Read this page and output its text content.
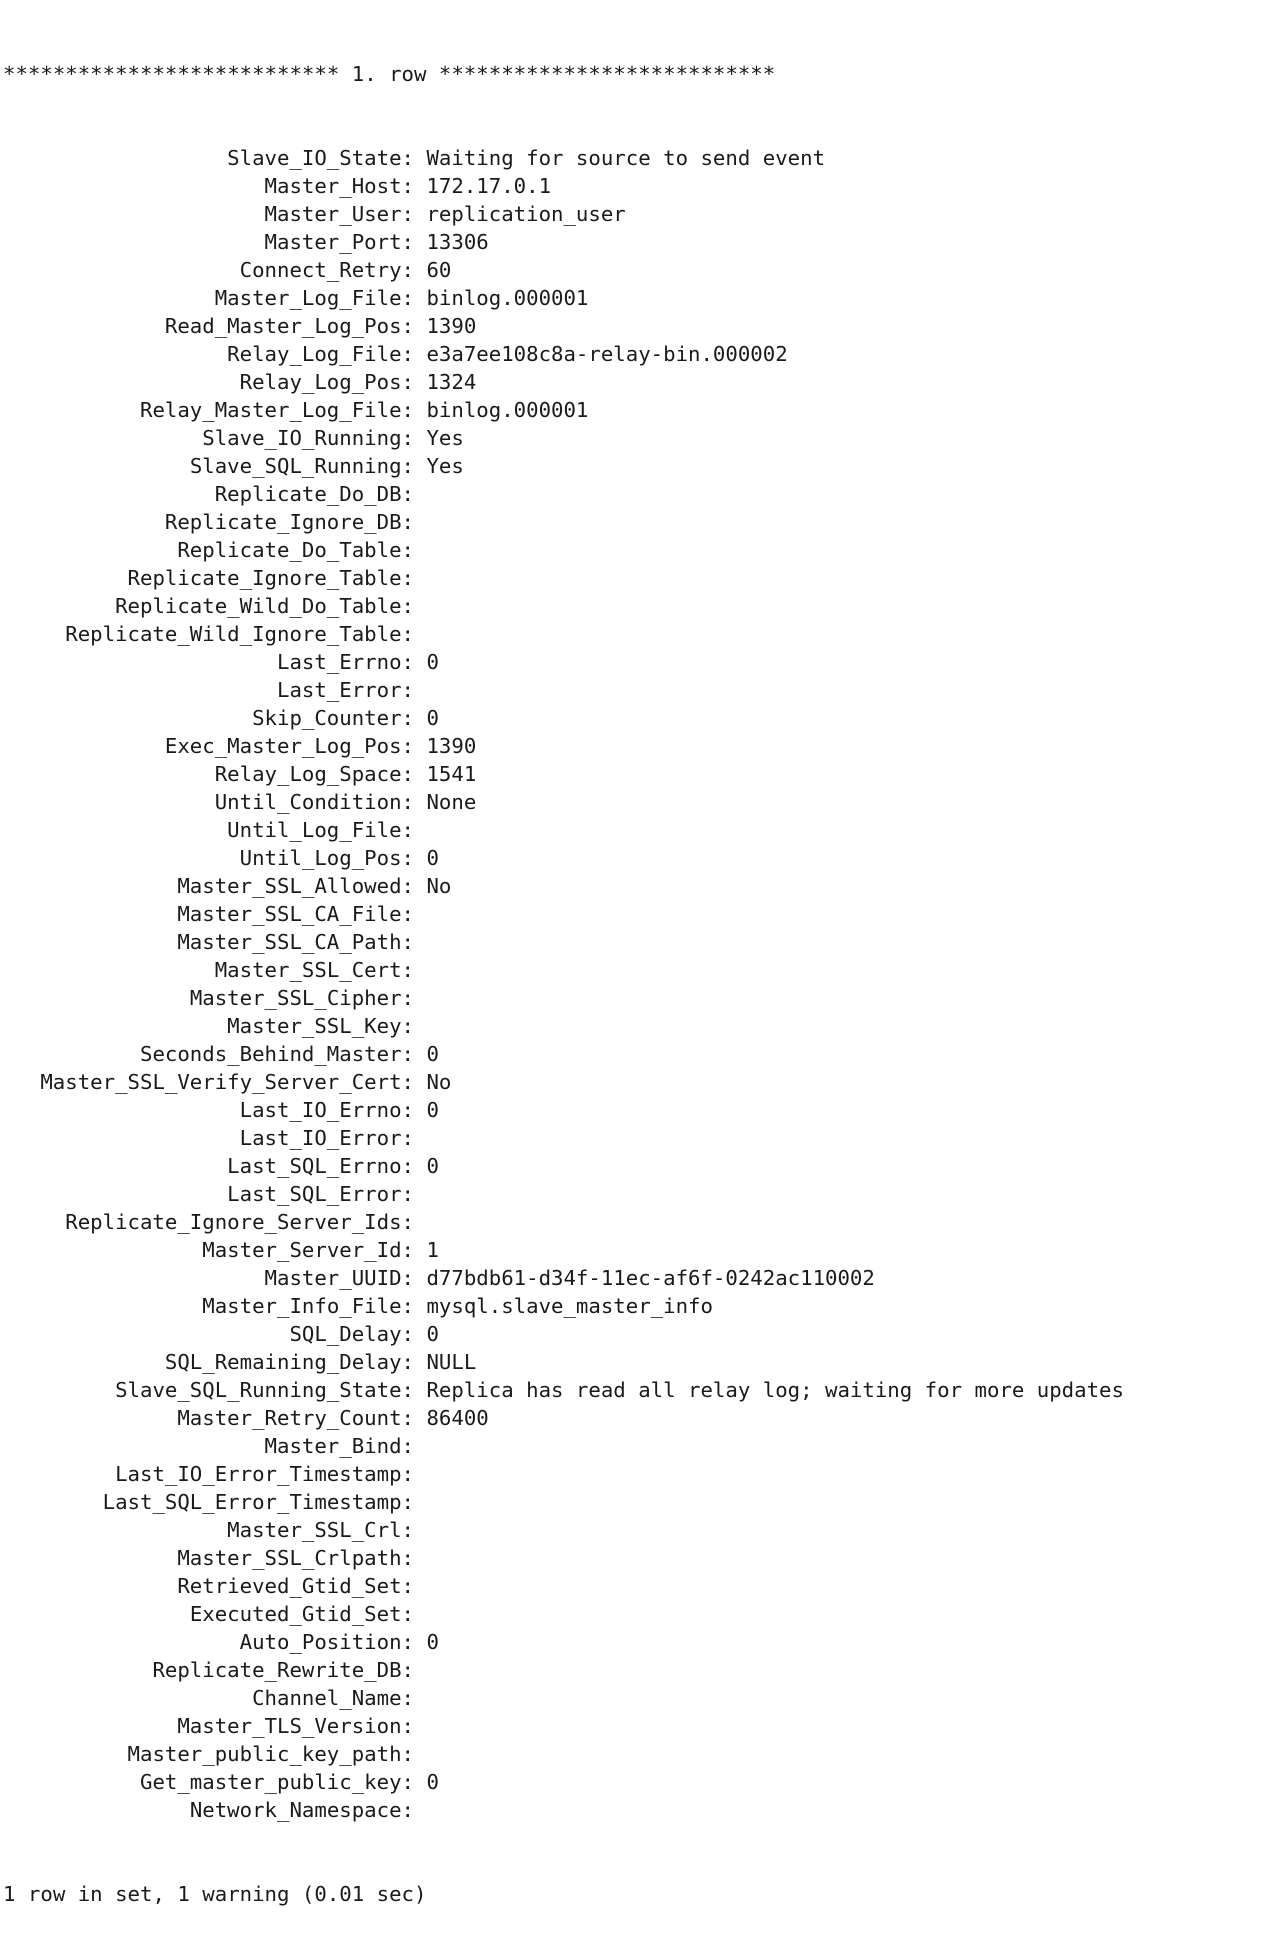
*************************** 1. row ***************************

Slave_IO_State : Waiting for source to send event
Master_Host : 172.17.0.1
Master_User : replication_user
Master_Port : 13306
Connect_Retry : 60
Master_Log_File : binlog.000001
Read_Master_Log_Pos : 1390
Relay_Log_File : e3a7ee108c8a-relay-bin.000002
Relay_Log_Pos : 1324
Relay_Master_Log_File : binlog.000001
Slave_IO_Running : Yes
Slave_SQL_Running : Yes
Replicate_Do_DB :
Replicate_Ignore_DB :
Replicate_Do_Table :
Replicate_Ignore_Table :
Replicate_Wild_Do_Table :
Replicate_Wild_Ignore_Table :
Last_Errno : 0
Last_Error :
Skip_Counter : 0
Exec_Master_Log_Pos : 1390
Relay_Log_Space : 1541
Until_Condition : None
Until_Log_File :
Until_Log_Pos : 0
Master_SSL_Allowed : No
Master_SSL_CA_File :
Master_SSL_CA_Path :
Master_SSL_Cert :
Master_SSL_Cipher :
Master_SSL_Key :
Seconds_Behind_Master : 0
Master_SSL_Verify_Server_Cert : No
Last_IO_Errno : 0
Last_IO_Error :
Last_SQL_Errno : 0
Last_SQL_Error :
Replicate_Ignore_Server_Ids :
Master_Server_Id : 1
Master_UUID : d77bdb61-d34f-11ec-af6f-0242ac110002
Master_Info_File : mysql.slave_master_info
SQL_Delay : 0
SQL_Remaining_Delay : NULL
Slave_SQL_Running_State : Replica has read all relay log; waiting for more updates
Master_Retry_Count : 86400
Master_Bind :
Last_IO_Error_Timestamp :
Last_SQL_Error_Timestamp :
Master_SSL_Crl :
Master_SSL_Crlpath :
Retrieved_Gtid_Set :
Executed_Gtid_Set :
Auto_Position : 0
Replicate_Rewrite_DB :
Channel_Name :
Master_TLS_Version :
Master_public_key_path :
Get_master_public_key : 0
Network_Namespace :

1 row in set, 1 warning (0.01 sec)
